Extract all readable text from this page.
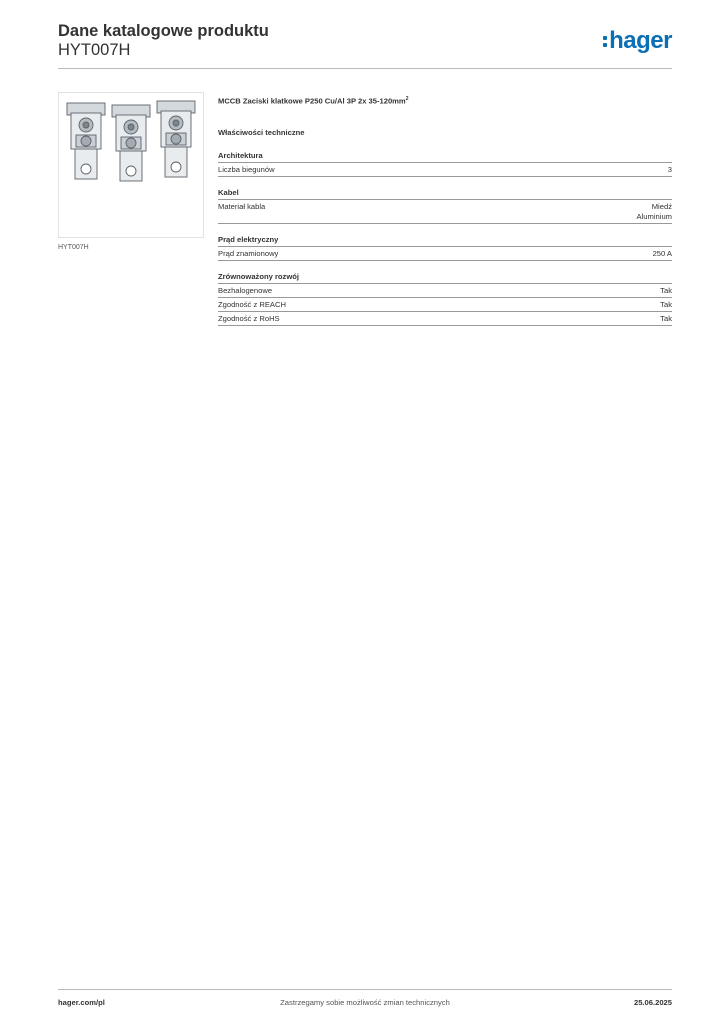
Dane katalogowe produktu
HYT007H	hager
HYT007H
MCCB Zaciski klatkowe P250 Cu/Al 3P 2x $35-120mm^2$
Właściwości techniczne
Architektura
Liczba biegunów	3
Kabel
Materiał kabla	Miedź
Aluminium
Prąd elektryczny
Prąd znamionowy	250 A
Zrównoważony rozwój
Bezhalogenowe	Tak
Zgodność z REACH	Tak
Zgodność z RoHS	Tak
hager.com/pl	Zastrzegamy sobie możliwość zmian technicznych	25.06.2025
